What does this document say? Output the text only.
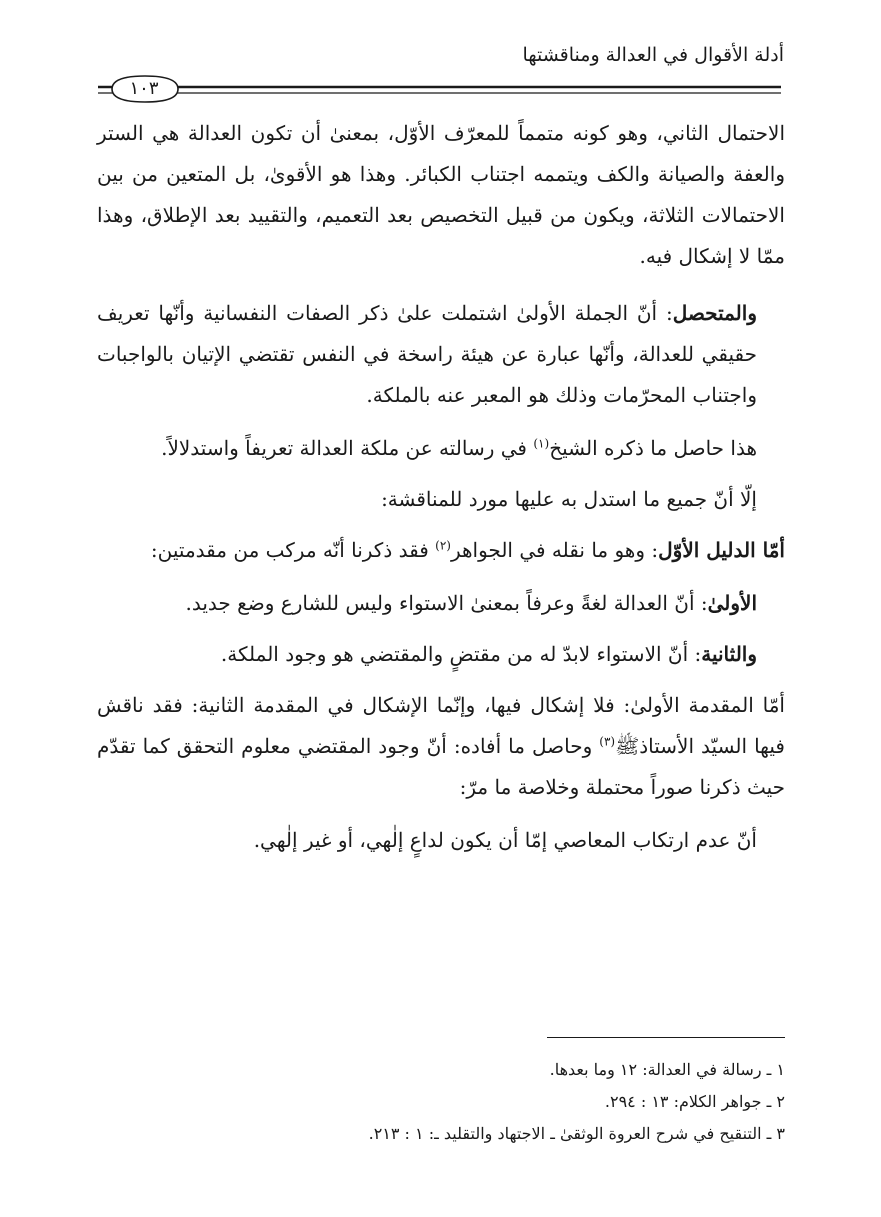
أدلة الأقوال في العدالة ومناقشتها
١٠٣

الاحتمال الثاني، وهو كونه متمماً للمعرّف الأوّل، بمعنىٰ أن تكون العدالة هي الستر والعفة والصيانة والكف ويتممه اجتناب الكبائر. وهذا هو الأقوىٰ، بل المتعين من بين الاحتمالات الثلاثة، ويكون من قبيل التخصيص بعد التعميم، والتقييد بعد الإطلاق، وهذا ممّا لا إشكال فيه.

والمتحصل: أنّ الجملة الأولىٰ اشتملت علىٰ ذكر الصفات النفسانية وأنّها تعريف حقيقي للعدالة، وأنّها عبارة عن هيئة راسخة في النفس تقتضي الإتيان بالواجبات واجتناب المحرّمات وذلك هو المعبر عنه بالملكة.

هذا حاصل ما ذكره الشيخ$^{(١)}$ في رسالته عن ملكة العدالة تعريفاً واستدلالاً.

إلّا أنّ جميع ما استدل به عليها مورد للمناقشة:

أمّا الدليل الأوّل: وهو ما نقله في الجواهر$^{(٢)}$ فقد ذكرنا أنّه مركب من مقدمتين:

الأولىٰ: أنّ العدالة لغةً وعرفاً بمعنىٰ الاستواء وليس للشارع وضع جديد.

والثانية: أنّ الاستواء لابدّ له من مقتضٍ والمقتضي هو وجود الملكة.

أمّا المقدمة الأولىٰ: فلا إشكال فيها، وإنّما الإشكال في المقدمة الثانية: فقد ناقش فيها السيّد الأستاذﷺ$^{(٣)}$ وحاصل ما أفاده: أنّ وجود المقتضي معلوم التحقق كما تقدّم حيث ذكرنا صوراً محتملة وخلاصة ما مرّ:

أنّ عدم ارتكاب المعاصي إمّا أن يكون لداعٍ إلٰهي، أو غير إلٰهي.

١ ـ رسالة في العدالة: ١٢ وما بعدها.

٢ ـ جواهر الكلام: ١٣ : ٢٩٤.

٣ ـ التنقيح في شرح العروة الوثقىٰ ـ الاجتهاد والتقليد ـ: ١ : ٢١٣.
